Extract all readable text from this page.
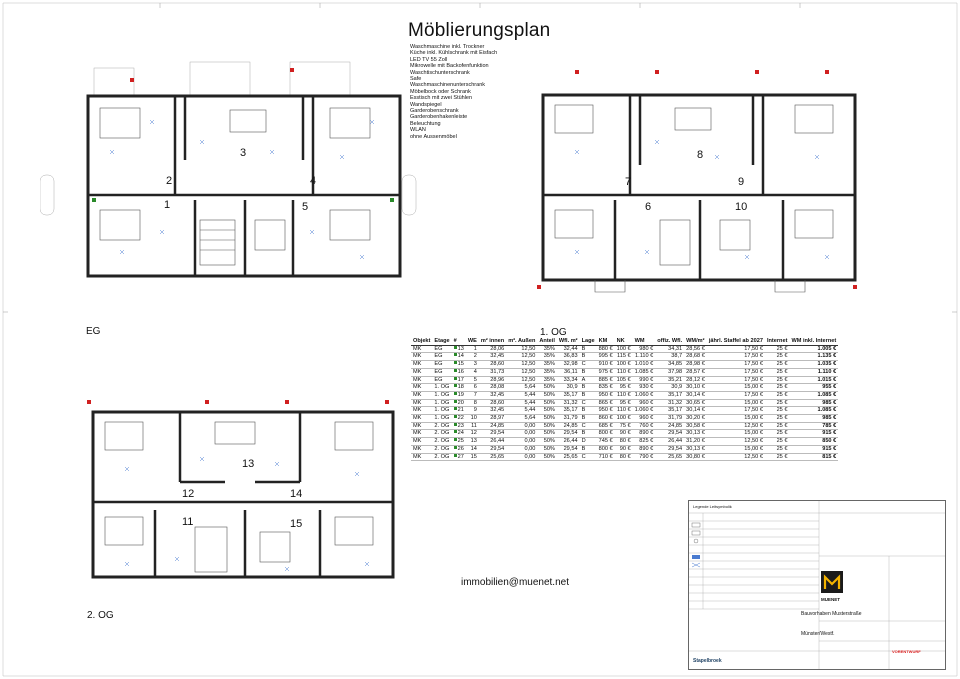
Möblierungsplan
Waschmaschine inkl. Trockner
Küche inkl. Kühlschrank mit Eisfach
LED TV 55 Zoll
Mikrowelle mit Backofenfunktion
Waschtischunterschrank
Safe
Waschmaschinenunterschrank
Möbelbock oder Schrank
Esstisch mit zwei Stühlen
Wandspiegel
Garderobenschrank
Garderobenhakenleiste
Beleuchtung
WLAN
ohne Aussenmöbel
2
3
4
1	5
7
8
9
6	10
12
13
14
11	15
EG	1. OG
2. OG
Objekt	Etage	#	WE	m² innen	m². Außen	Anteil	Wfl. m²	Lage	KM	NK	WM	offiz. Wfl.	WM/m²	jährl. Staffel ab 2027	Internet	WM inkl. Internet
MK	EG	13	1	28,06	12,50	35%	32,44	B	880 €	100 €	980 €	34,31	28,56 €	17,50 €	25 €	1.005 €
MK	EG	14	2	32,45	12,50	35%	36,83	B	995 €	115 €	1.110 €	38,7	28,68 €	17,50 €	25 €	1.135 €
MK	EG	15	3	28,60	12,50	35%	32,98	C	910 €	100 €	1.010 €	34,85	28,98 €	17,50 €	25 €	1.035 €
MK	EG	16	4	31,73	12,50	35%	36,11	B	975 €	110 €	1.085 €	37,98	28,57 €	17,50 €	25 €	1.110 €
MK	EG	17	5	28,96	12,50	35%	33,34	A	885 €	105 €	990 €	35,21	28,12 €	17,50 €	25 €	1.015 €
MK	1. OG	18	6	28,08	5,64	50%	30,9	B	835 €	95 €	930 €	30,9	30,10 €	15,00 €	25 €	955 €
MK	1. OG	19	7	32,45	5,44	50%	35,17	B	950 €	110 €	1.060 €	35,17	30,14 €	17,50 €	25 €	1.085 €
MK	1. OG	20	8	28,60	5,44	50%	31,32	C	865 €	95 €	960 €	31,32	30,65 €	15,00 €	25 €	985 €
MK	1. OG	21	9	32,45	5,44	50%	35,17	B	950 €	110 €	1.060 €	35,17	30,14 €	17,50 €	25 €	1.085 €
MK	1. OG	22	10	28,97	5,64	50%	31,79	B	860 €	100 €	960 €	31,79	30,20 €	15,00 €	25 €	985 €
MK	2. OG	23	11	24,85	0,00	50%	24,85	C	685 €	75 €	760 €	24,85	30,58 €	12,50 €	25 €	785 €
MK	2. OG	24	12	29,54	0,00	50%	29,54	B	800 €	90 €	890 €	29,54	30,13 €	15,00 €	25 €	915 €
MK	2. OG	25	13	26,44	0,00	50%	26,44	D	745 €	80 €	825 €	26,44	31,20 €	12,50 €	25 €	850 €
MK	2. OG	26	14	29,54	0,00	50%	29,54	B	800 €	90 €	890 €	29,54	30,13 €	15,00 €	25 €	915 €
MK	2. OG	27	15	25,65	0,00	50%	25,65	C	710 €	80 €	790 €	25,65	30,80 €	12,50 €	25 €	815 €
immobilien@muenet.net
Legende Leitsymbolik
MUENET
Bauvorhaben Musterstraße
Münster/Westf.
VORENTWURF
Stapelbroek
